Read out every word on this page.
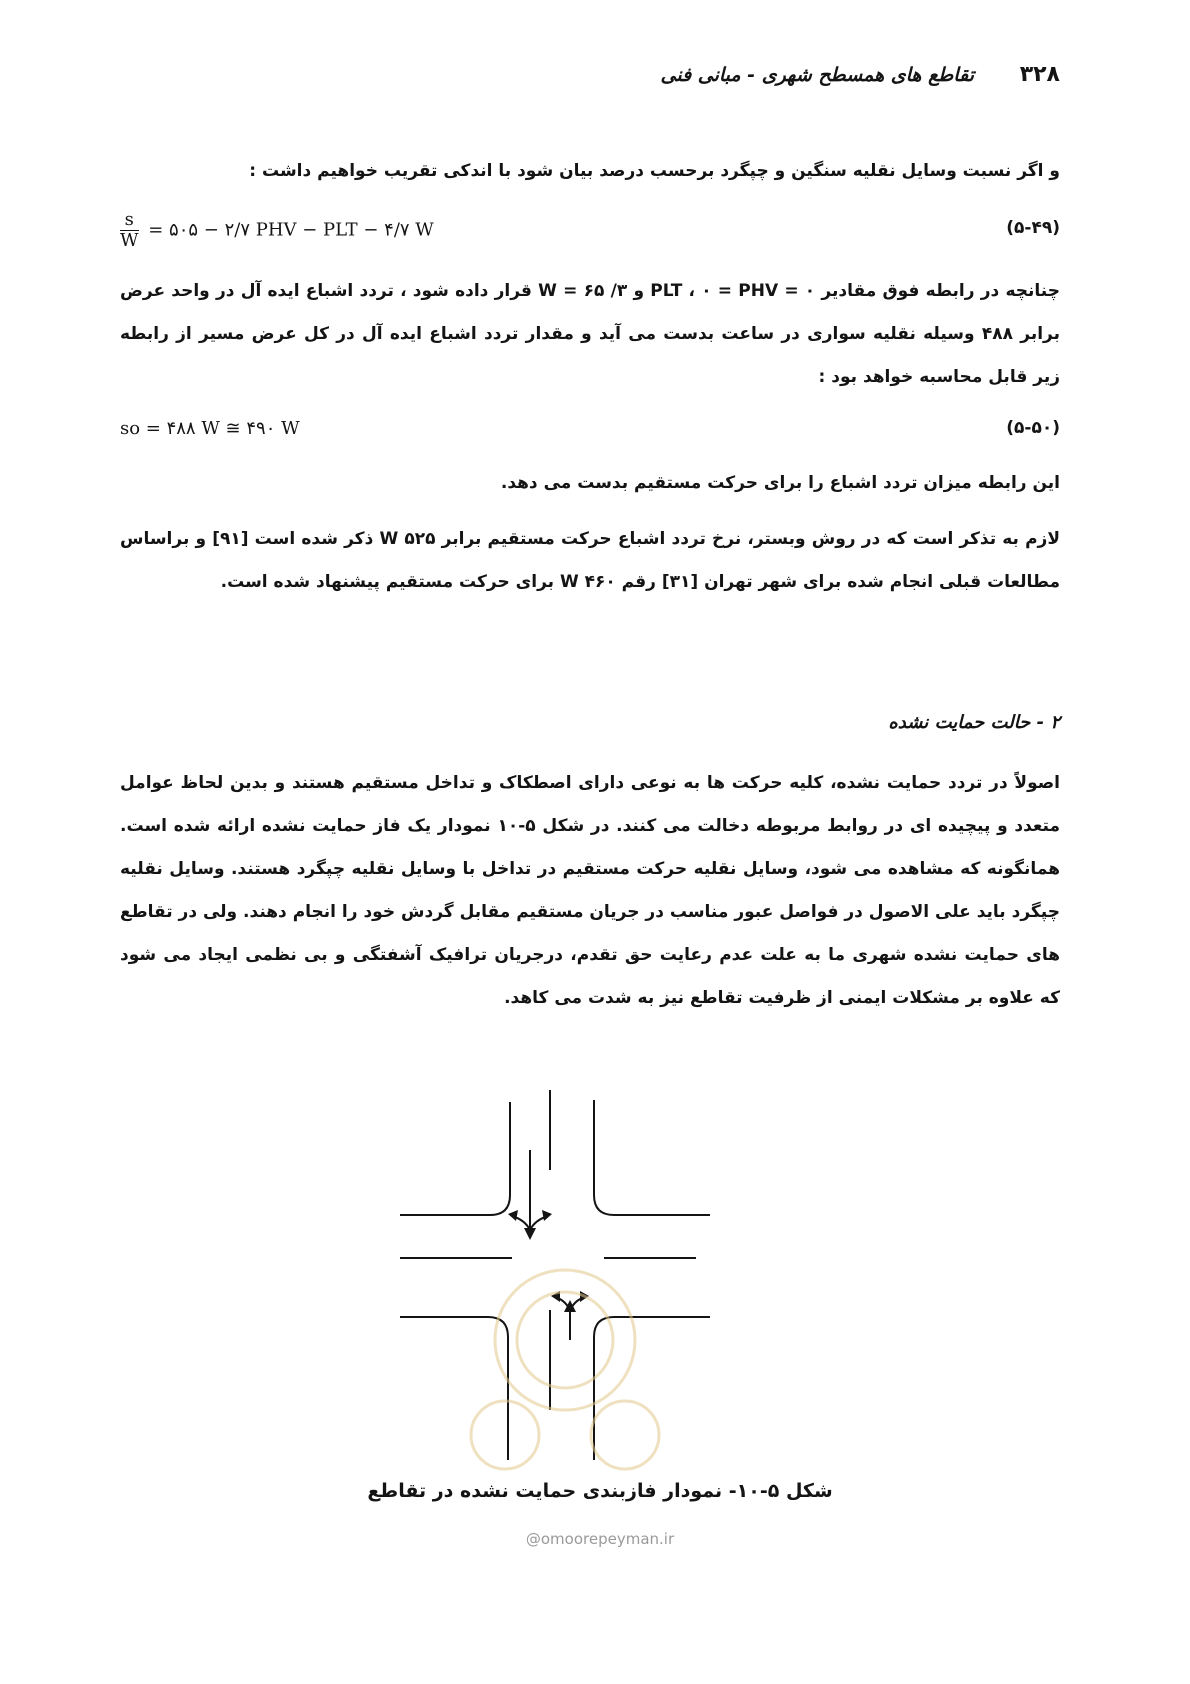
۳۲۸
تقاطع های همسطح شهری - مبانی فنی
و اگر نسبت وسایل نقلیه سنگین و چپگرد برحسب درصد بیان شود با اندکی تقریب خواهیم داشت :
$\frac{s}{W}$ = ۵۰۵ − ۲/۷ PHV − PLT − ۴/۷ W	(۵-۴۹)
چنانچه در رابطه فوق مقادیر ۰ = PLT ، ۰ = PHV و ۳/ ۶۵ = W قرار داده شود ، تردد اشباع ایده آل در واحد عرض برابر ۴۸۸ وسیله نقلیه سواری در ساعت بدست می آید و مقدار تردد اشباع ایده آل در کل عرض مسیر از رابطه زیر قابل محاسبه خواهد بود :
so = ۴۸۸ W ≅ ۴۹۰ W	(۵-۵۰)
این رابطه میزان تردد اشباع را برای حرکت مستقیم بدست می دهد.
لازم به تذکر است که در روش وبستر، نرخ تردد اشباع حرکت مستقیم برابر W ۵۲۵ ذکر شده است [۹۱] و براساس مطالعات قبلی انجام شده برای شهر تهران [۳۱] رقم W ۴۶۰ برای حرکت مستقیم پیشنهاد شده است.
۲ - حالت حمایت نشده
اصولاً در تردد حمایت نشده، کلیه حرکت ها به نوعی دارای اصطکاک و تداخل مستقیم هستند و بدین لحاظ عوامل متعدد و پیچیده ای در روابط مربوطه دخالت می کنند. در شکل ۵-۱۰ نمودار یک فاز حمایت نشده ارائه شده است. همانگونه که مشاهده می شود، وسایل نقلیه حرکت مستقیم در تداخل با وسایل نقلیه چپگرد هستند. وسایل نقلیه چپگرد باید علی الاصول در فواصل عبور مناسب در جریان مستقیم مقابل گردش خود را انجام دهند. ولی در تقاطع های حمایت نشده شهری ما به علت عدم رعایت حق تقدم، درجریان ترافیک آشفتگی و بی نظمی ایجاد می شود که علاوه بر مشکلات ایمنی از ظرفیت تقاطع نیز به شدت می کاهد.
شکل ۵-۱۰- نمودار فازبندی حمایت نشده در تقاطع
@omoorepeyman.ir
